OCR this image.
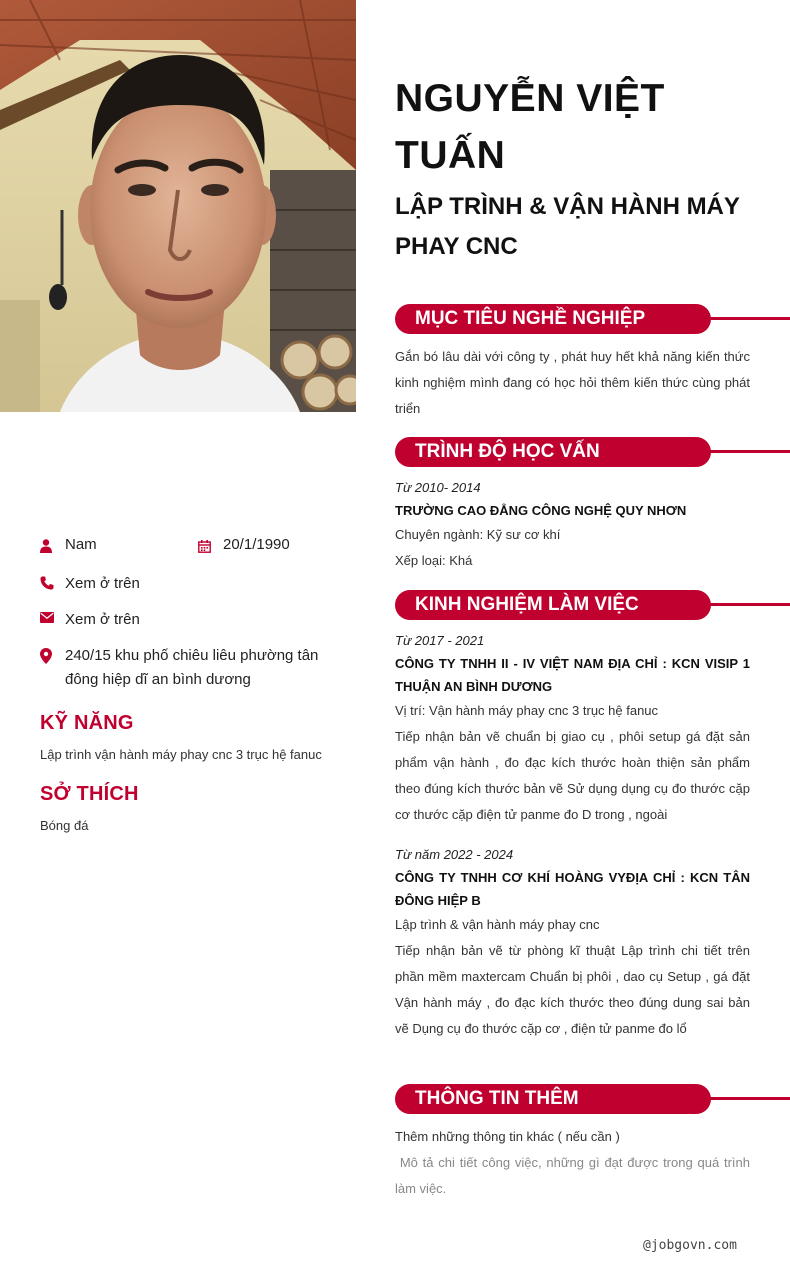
Nam	20/1/1990
Xem ở trên
Xem ở trên
240/15 khu phố chiêu liêu phường tân đông hiệp dĩ an bình dương
KỸ NĂNG

Lập trình vận hành máy phay cnc 3 trục hệ fanuc

SỞ THÍCH

Bóng đá

NGUYỄN VIỆT TUẤN
LẬP TRÌNH & VẬN HÀNH MÁY PHAY CNC
MỤC TIÊU NGHỀ NGHIỆP
Gắn bó lâu dài với công ty , phát huy hết khả năng kiến thức kinh nghiệm mình đang có học hỏi thêm kiến thức cùng phát triển
TRÌNH ĐỘ HỌC VẤN
Từ 2010- 2014
TRƯỜNG CAO ĐẲNG CÔNG NGHỆ QUY NHƠN
Chuyên ngành: Kỹ sư cơ khí
Xếp loại: Khá
KINH NGHIỆM LÀM VIỆC
Từ 2017 - 2021
CÔNG TY TNHH II - IV VIỆT NAM ĐỊA CHỈ : KCN VISIP 1 THUẬN AN BÌNH DƯƠNG
Vị trí: Vận hành máy phay cnc 3 trục hệ fanuc
Tiếp nhận bản vẽ chuẩn bị giao cụ , phôi setup gá đặt sản phẩm vận hành , đo đạc kích thước hoàn thiện sản phẩm theo đúng kích thước bản vẽ Sử dụng dụng cụ đo thước cặp cơ thước cặp điện tử panme đo D trong , ngoài
Từ năm 2022 - 2024
CÔNG TY TNHH CƠ KHÍ HOÀNG VYĐỊA CHỈ : KCN TÂN ĐÔNG HIỆP B
Lập trình & vận hành máy phay cnc
Tiếp nhận bản vẽ từ phòng kĩ thuật Lập trình chi tiết trên phần mềm maxtercam Chuẩn bị phôi , dao cụ Setup , gá đặt Vận hành máy , đo đạc kích thước theo đúng dung sai bản vẽ Dụng cụ đo thước cặp cơ , điện tử panme đo lổ
THÔNG TIN THÊM
Thêm những thông tin khác ( nếu cần )
Mô tả chi tiết công việc, những gì đạt được trong quá trình làm việc.
@jobgovn.com
